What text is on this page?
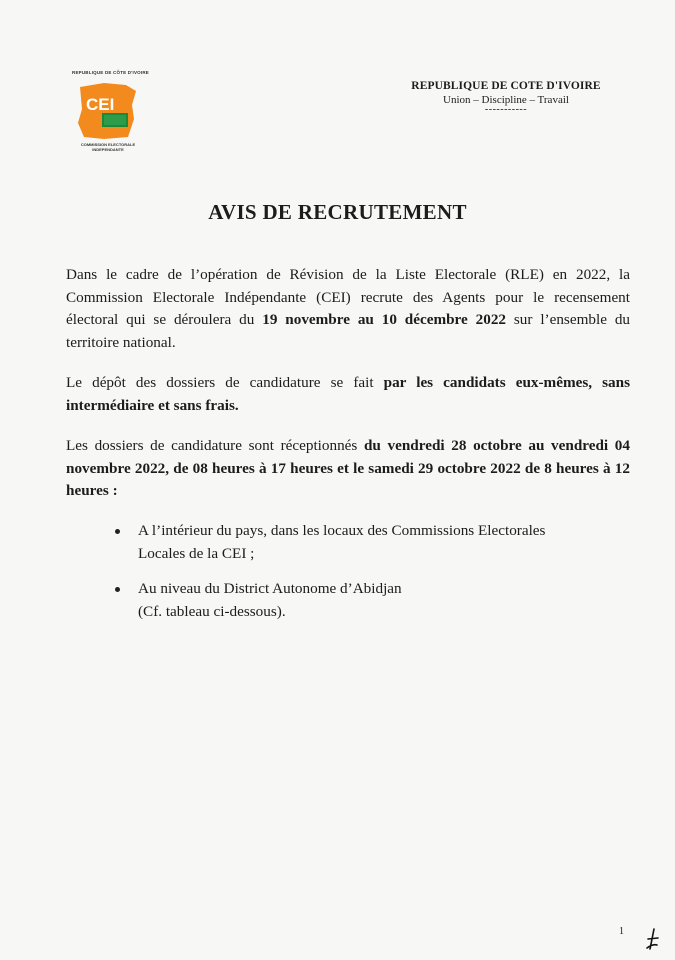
REPUBLIQUE DE CÔTE D'IVOIRE
CEI
COMMISSION ELECTORALE
INDEPENDANTE
REPUBLIQUE DE COTE D'IVOIRE
Union – Discipline – Travail
-----------
AVIS DE RECRUTEMENT
Dans le cadre de l’opération de Révision de la Liste Electorale (RLE) en 2022, la Commission Electorale Indépendante (CEI) recrute des Agents pour le recensement électoral qui se déroulera du 19 novembre au 10 décembre 2022 sur l’ensemble du territoire national.
Le dépôt des dossiers de candidature se fait par les candidats eux-mêmes, sans intermédiaire et sans frais.
Les dossiers de candidature sont réceptionnés du vendredi 28 octobre au vendredi 04 novembre 2022, de 08 heures à 17 heures et le samedi 29 octobre 2022 de 8 heures à 12 heures :
A l’intérieur du pays, dans les locaux des Commissions Electorales
Locales de la CEI ;
Au niveau du District Autonome d’Abidjan
(Cf. tableau ci-dessous).
1
